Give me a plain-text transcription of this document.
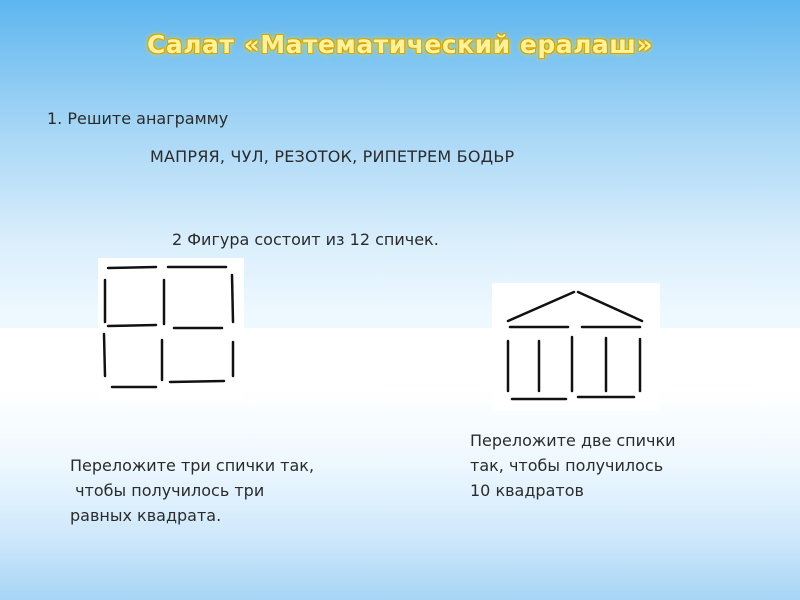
Салат «Математический ералаш»
1. Решите анаграмму
МАПРЯЯ, ЧУЛ, РЕЗОТОК, РИПЕТРЕМ БОДЬР
2 Фигура состоит из 12 спичек.
Переложите три спички так,
чтобы получилось три
равных квадрата.
Переложите две спички
так, чтобы получилось
10 квадратов
